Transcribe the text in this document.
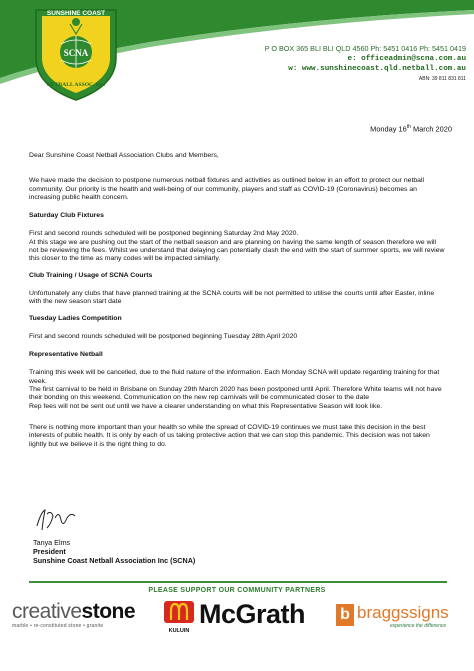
SUNSHINE COAST
SCNA
NETBALL ASSOC. Inc.
P O BOX 365 BLI BLI QLD 4560 Ph: 5451 0416 Ph: 5451 0419
e: officeadmin@scna.com.au
w: www.sunshinecoast.qld.netball.com.au
ABN: 39 811 831 811
Monday 16th March 2020

Dear Sunshine Coast Netball Association Clubs and Members,

We have made the decision to postpone numerous netball fixtures and activities as outlined below in an effort to protect our netball community. Our priority is the health and well-being of our community, players and staff as COVID-19 (Coronavirus) becomes an increasing public health concern.

Saturday Club Fixtures

First and second rounds scheduled will be postponed beginning Saturday 2nd May 2020.

At this stage we are pushing out the start of the netball season and are planning on having the same length of season therefore we will not be reviewing the fees. Whilst we understand that delaying can potentially clash the end with the start of summer sports, we will review this closer to the time as many codes will be impacted similarly.

Club Training / Usage of SCNA Courts

Unfortunately any clubs that have planned training at the SCNA courts will be not permitted to utilise the courts until after Easter, inline with the new season start date

Tuesday Ladies Competition

First and second rounds scheduled will be postponed beginning Tuesday 28th April 2020

Representative Netball

Training this week will be cancelled, due to the fluid nature of the information. Each Monday SCNA will update regarding training for that week.

The first carnival to be held in Brisbane on Sunday 29th March 2020 has been postponed until April. Therefore White teams will not have their bonding on this weekend. Communication on the new rep carnivals will be communicated closer to the date

Rep fees will not be sent out until we have a clearer understanding on what this Representative Season will look like.

There is nothing more important than your health so while the spread of COVID-19 continues we must take this decision in the best interests of public health. It is only by each of us taking protective action that we can stop this pandemic. This decision was not taken lightly but we believe it is the right thing to do.

Tanya Elms
President
Sunshine Coast Netball Association Inc (SCNA)
PLEASE SUPPORT OUR COMMUNITY PARTNERS
creativestone
marble • re-constituted stone • granite
KULUIN
McGrath b braggssigns
experience the difference
